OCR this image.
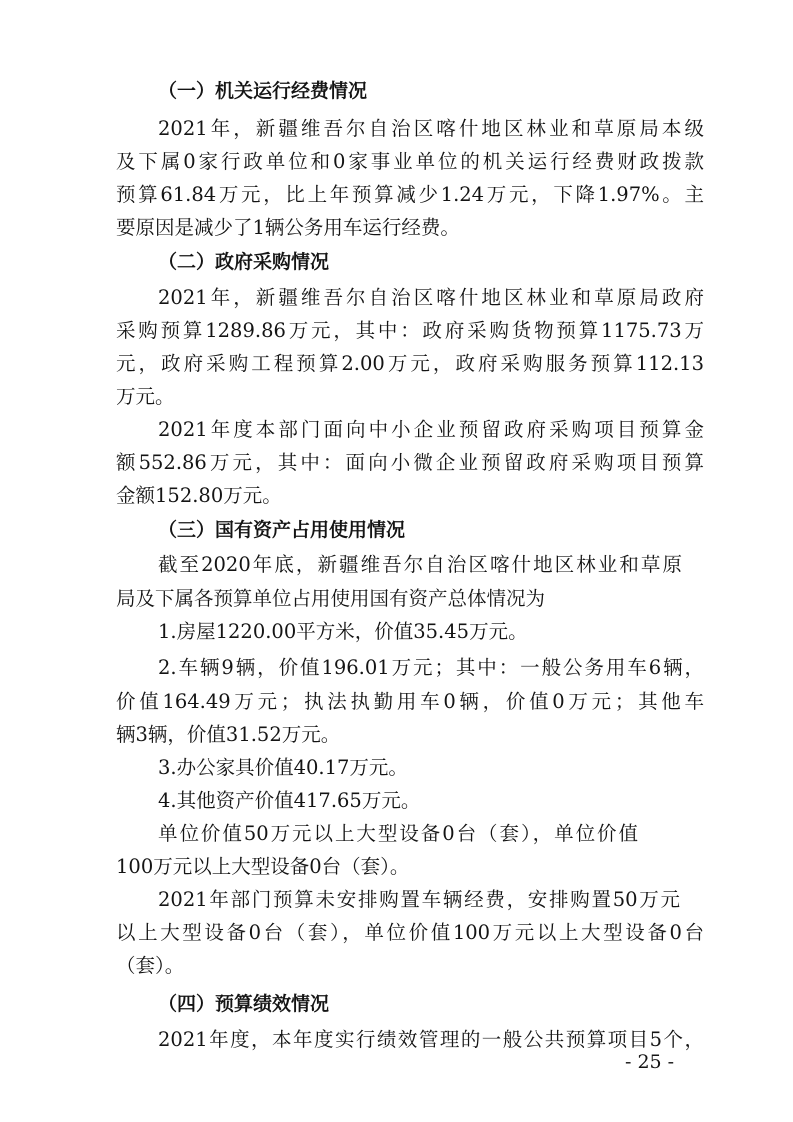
（一）机关运行经费情况
2021年，新疆维吾尔自治区喀什地区林业和草原局本级
及下属0家行政单位和0家事业单位的机关运行经费财政拨款
预算61.84万元，比上年预算减少1.24万元，下降1.97%。主
要原因是减少了1辆公务用车运行经费。
（二）政府采购情况
2021年，新疆维吾尔自治区喀什地区林业和草原局政府
采购预算1289.86万元，其中：政府采购货物预算1175.73万
元，政府采购工程预算2.00万元，政府采购服务预算112.13
万元。
2021年度本部门面向中小企业预留政府采购项目预算金
额552.86万元，其中：面向小微企业预留政府采购项目预算
金额152.80万元。
（三）国有资产占用使用情况
截至2020年底，新疆维吾尔自治区喀什地区林业和草原
局及下属各预算单位占用使用国有资产总体情况为
1.房屋1220.00平方米，价值35.45万元。
2.车辆9辆，价值196.01万元；其中：一般公务用车6辆，
价值164.49万元；执法执勤用车0辆，价值0万元；其他车
辆3辆，价值31.52万元。
3.办公家具价值40.17万元。
4.其他资产价值417.65万元。
单位价值50万元以上大型设备0台（套），单位价值
100万元以上大型设备0台（套）。
2021年部门预算未安排购置车辆经费，安排购置50万元
以上大型设备0台（套），单位价值100万元以上大型设备0台
（套）。
（四）预算绩效情况
2021年度，本年度实行绩效管理的一般公共预算项目5个，
- 25 -
